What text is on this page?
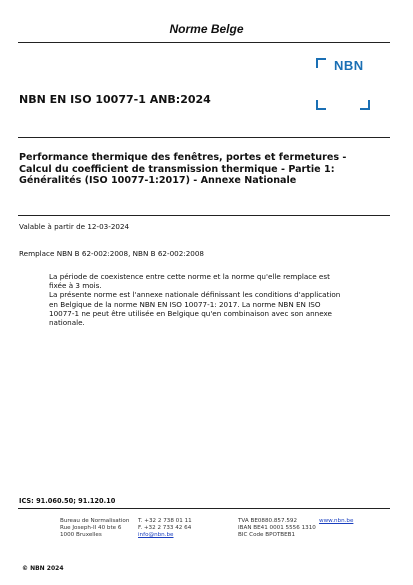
Norme Belge
NBN
NBN EN ISO 10077-1 ANB:2024
Performance thermique des fenêtres, portes et fermetures -
Calcul du coefficient de transmission thermique - Partie 1:
Généralités (ISO 10077-1:2017) - Annexe Nationale
Valable à partir de 12-03-2024
Remplace NBN B 62-002:2008, NBN B 62-002:2008

La période de coexistence entre cette norme et la norme qu'elle remplace est

fixée à 3 mois.

La présente norme est l'annexe nationale définissant les conditions d'application

en Belgique de la norme NBN EN ISO 10077-1: 2017. La norme NBN EN ISO

10077-1 ne peut être utilisée en Belgique qu'en combinaison avec son annexe

nationale.

ICS: 91.060.50; 91.120.10
Bureau de Normalisation
Rue Joseph-II 40 bte 6
1000 Bruxelles
T. +32 2 738 01 11
F. +32 2 733 42 64
info@nbn.be
TVA BE0880.857.592
IBAN BE41 0001 5556 1310
BIC Code BPOTBEB1
www.nbn.be
© NBN 2024
